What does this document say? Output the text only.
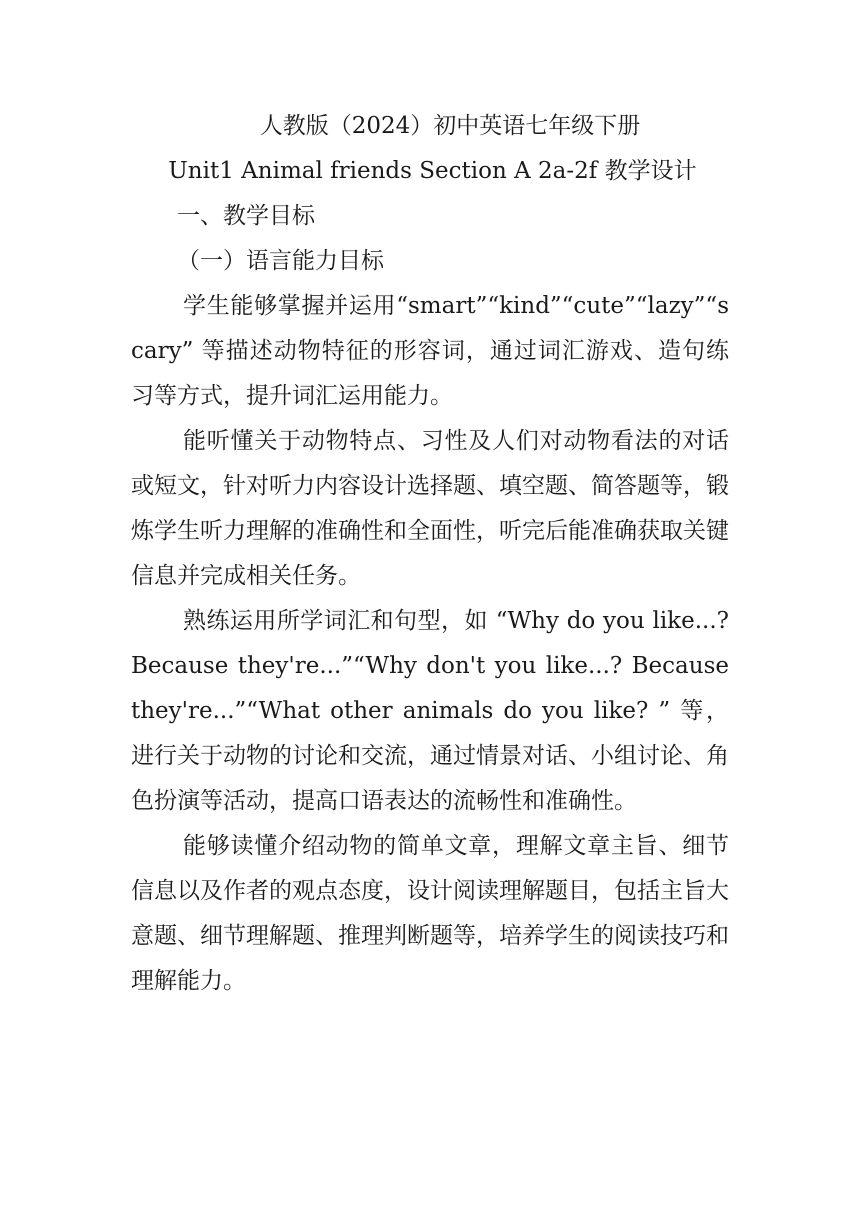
人教版（2024）初中英语七年级下册
Unit1 Animal friends Section A 2a-2f 教学设计
一、教学目标
（一）语言能力目标

学生能够掌握并运用“smart”“kind”“cute”“lazy”“scary” 等描述动物特征的形容词，通过词汇游戏、造句练习等方式，提升词汇运用能力。

能听懂关于动物特点、习性及人们对动物看法的对话或短文，针对听力内容设计选择题、填空题、简答题等，锻炼学生听力理解的准确性和全面性，听完后能准确获取关键信息并完成相关任务。

熟练运用所学词汇和句型，如 “Why do you like...? Because they're...”“Why don't you like...? Because they're...”“What other animals do you like? ” 等，进行关于动物的讨论和交流，通过情景对话、小组讨论、角色扮演等活动，提高口语表达的流畅性和准确性。

能够读懂介绍动物的简单文章，理解文章主旨、细节信息以及作者的观点态度，设计阅读理解题目，包括主旨大意题、细节理解题、推理判断题等，培养学生的阅读技巧和理解能力。
